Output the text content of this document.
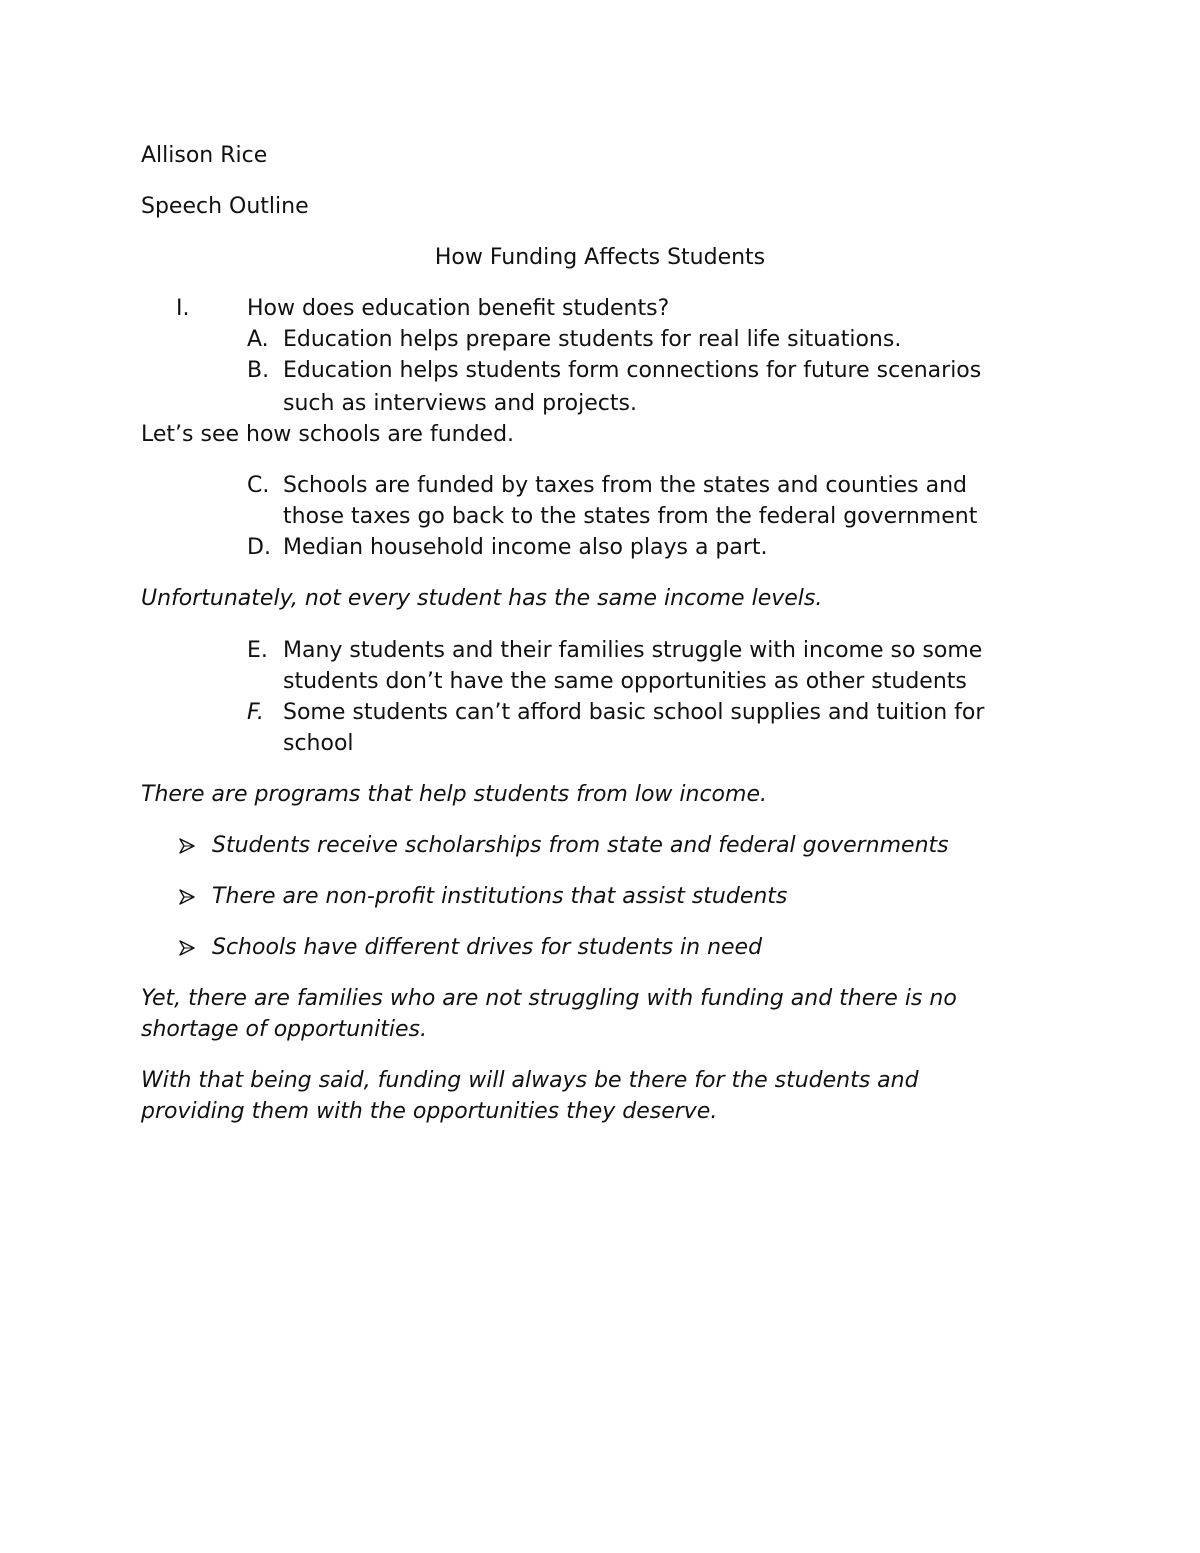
Allison Rice
Speech Outline
How Funding Affects Students
I.	How does education benefit students?
A. Education helps prepare students for real life situations.
B. Education helps students form connections for future scenarios
such as interviews and projects.
Let’s see how schools are funded.
C. Schools are funded by taxes from the states and counties and
those taxes go back to the states from the federal government
D. Median household income also plays a part.
Unfortunately, not every student has the same income levels.
E. Many students and their families struggle with income so some
students don’t have the same opportunities as other students
F. Some students can’t afford basic school supplies and tuition for
school
There are programs that help students from low income.
Students receive scholarships from state and federal governments
There are non-profit institutions that assist students
Schools have different drives for students in need
Yet, there are families who are not struggling with funding and there is no
shortage of opportunities.
With that being said, funding will always be there for the students and
providing them with the opportunities they deserve.
